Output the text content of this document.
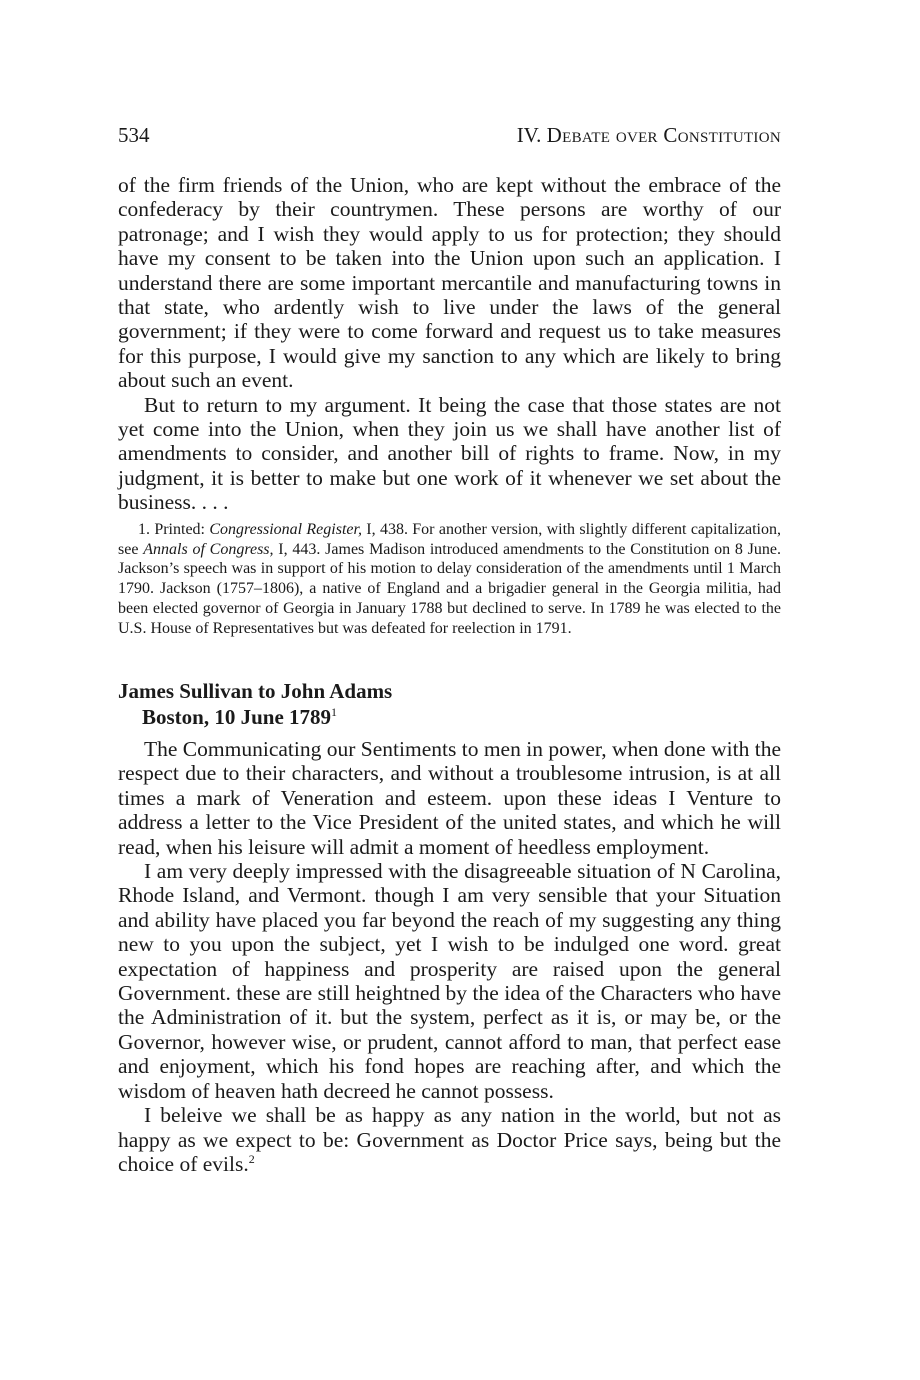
534	IV. Debate over Constitution

of the firm friends of the Union, who are kept without the embrace of the confederacy by their countrymen. These persons are worthy of our patronage; and I wish they would apply to us for protection; they should have my consent to be taken into the Union upon such an application. I understand there are some important mercantile and manufacturing towns in that state, who ardently wish to live under the laws of the general government; if they were to come forward and request us to take measures for this purpose, I would give my sanction to any which are likely to bring about such an event.

But to return to my argument. It being the case that those states are not yet come into the Union, when they join us we shall have another list of amendments to consider, and another bill of rights to frame. Now, in my judgment, it is better to make but one work of it whenever we set about the business. . . .

1. Printed: Congressional Register, I, 438. For another version, with slightly different capitalization, see Annals of Congress, I, 443. James Madison introduced amendments to the Constitution on 8 June. Jackson’s speech was in support of his motion to delay consideration of the amendments until 1 March 1790. Jackson (1757–1806), a native of England and a brigadier general in the Georgia militia, had been elected governor of Georgia in January 1788 but declined to serve. In 1789 he was elected to the U.S. House of Representatives but was defeated for reelection in 1791.
James Sullivan to John Adams
Boston, 10 June 1789$^1$

The Communicating our Sentiments to men in power, when done with the respect due to their characters, and without a troublesome intrusion, is at all times a mark of Veneration and esteem. upon these ideas I Venture to address a letter to the Vice President of the united states, and which he will read, when his leisure will admit a moment of heedless employment.

I am very deeply impressed with the disagreeable situation of N Carolina, Rhode Island, and Vermont. though I am very sensible that your Situation and ability have placed you far beyond the reach of my suggesting any thing new to you upon the subject, yet I wish to be indulged one word. great expectation of happiness and prosperity are raised upon the general Government. these are still heightned by the idea of the Characters who have the Administration of it. but the system, perfect as it is, or may be, or the Governor, however wise, or prudent, cannot afford to man, that perfect ease and enjoyment, which his fond hopes are reaching after, and which the wisdom of heaven hath decreed he cannot possess.

I beleive we shall be as happy as any nation in the world, but not as happy as we expect to be: Government as Doctor Price says, being but the choice of evils.$^2$
